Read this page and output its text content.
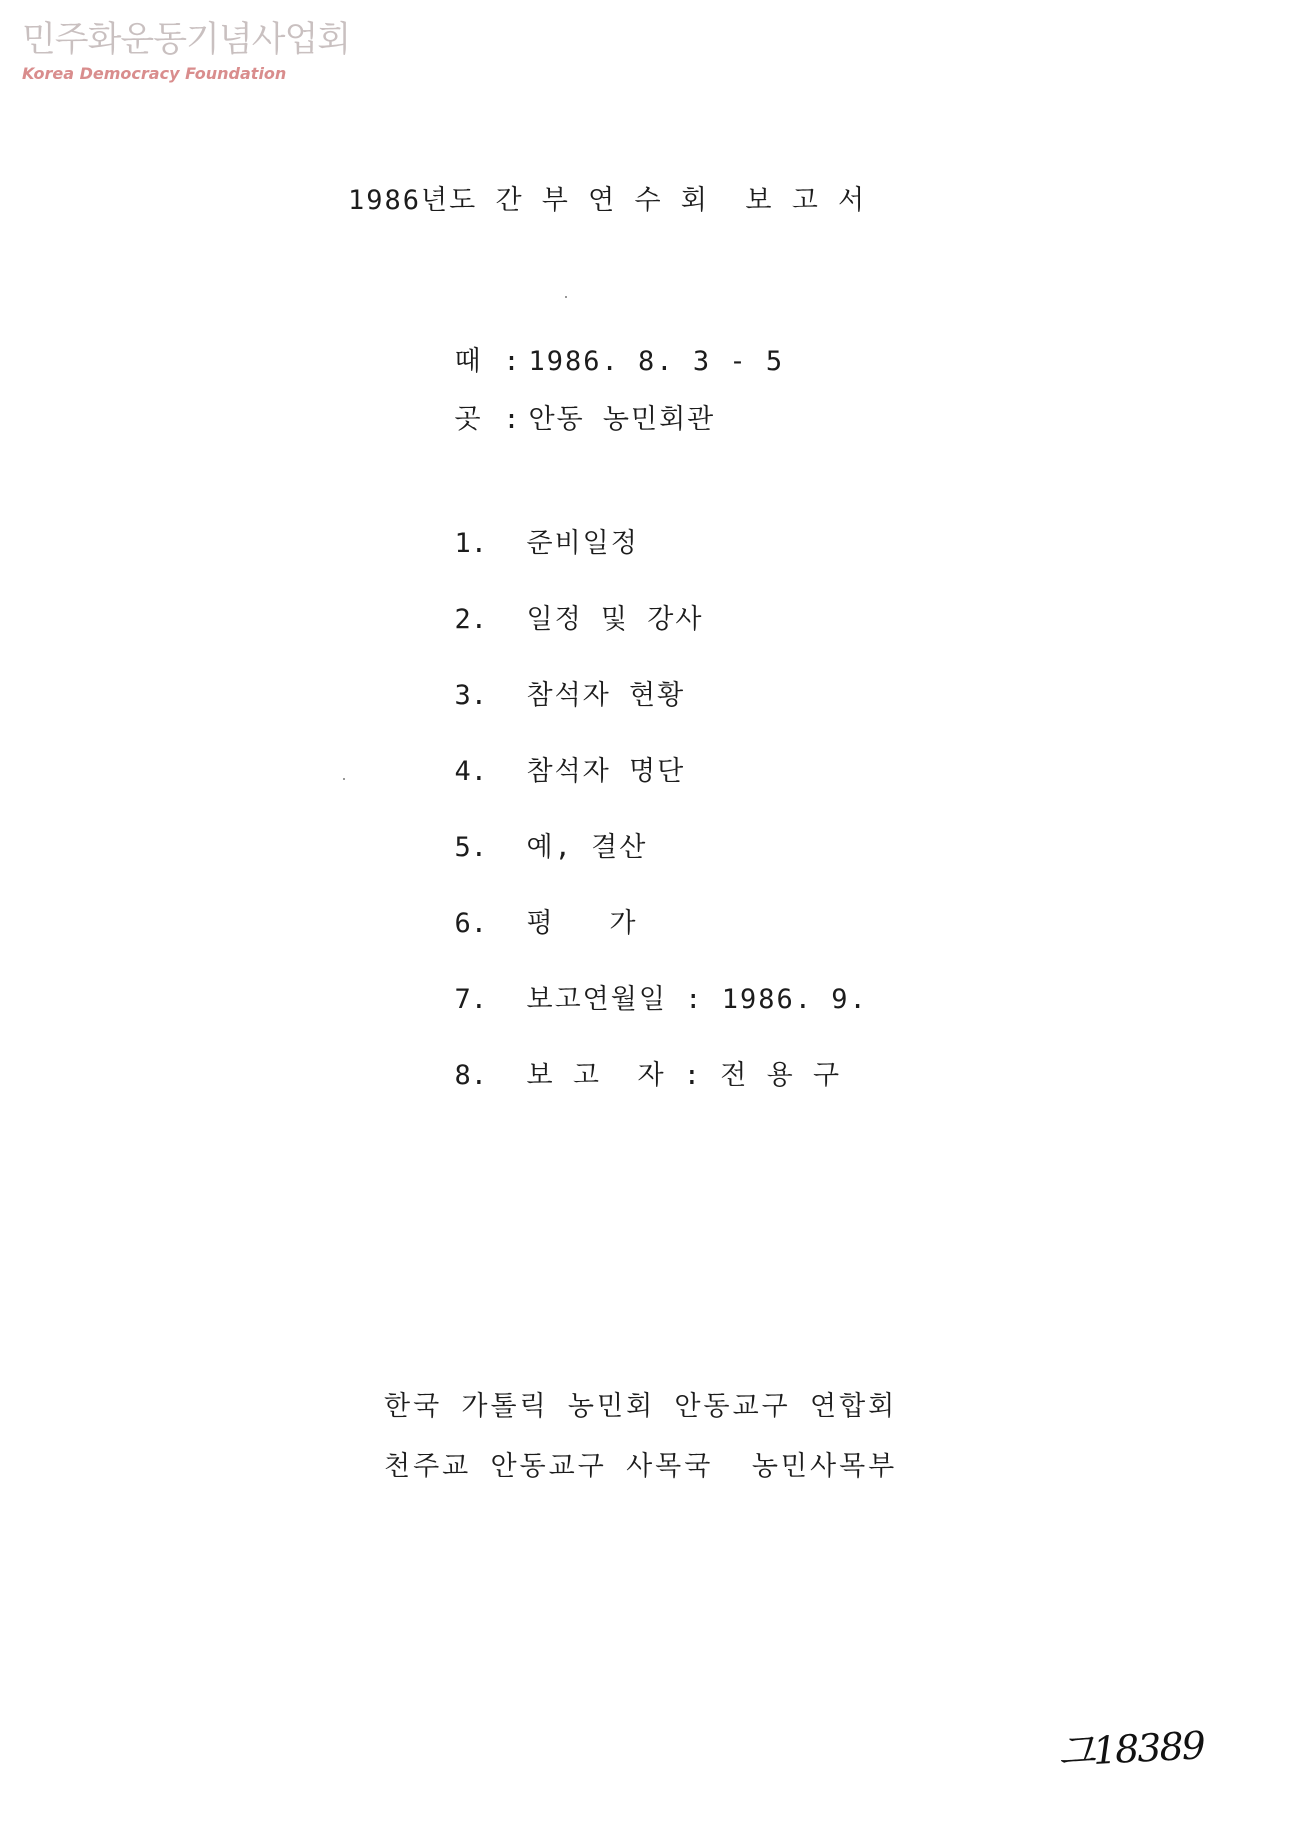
민주화운동기념사업회
Korea Democracy Foundation
1986년도 간 부 연 수 회  보 고 서

때 : 1986. 8. 3 - 5

곳 : 안동 농민회관

1. 준비일정

2. 일정 및 강사

3. 참석자 현황

4. 참석자 명단

5. 예, 결산

6. 평   가

7. 보고연월일 : 1986. 9.

8. 보 고  자 : 전 용 구

한국 가톨릭 농민회 안동교구 연합회
천주교 안동교구 사목국  농민사목부
그18389
